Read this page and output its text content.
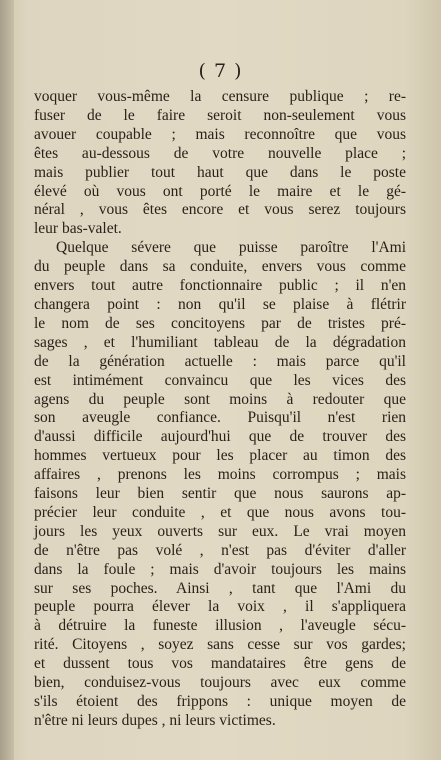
( 7 )
voquer vous-même la censure publique ; re-
fuser de le faire seroit non-seulement vous
avouer coupable ; mais reconnoître que vous
êtes au-dessous de votre nouvelle place ;
mais publier tout haut que dans le poste
élevé où vous ont porté le maire et le gé-
néral , vous êtes encore et vous serez toujours
leur bas-valet.
Quelque sévere que puisse paroître l'Ami
du peuple dans sa conduite, envers vous comme
envers tout autre fonctionnaire public ; il n'en
changera point : non qu'il se plaise à flétrir
le nom de ses concitoyens par de tristes pré-
sages , et l'humiliant tableau de la dégradation
de la génération actuelle : mais parce qu'il
est intimément convaincu que les vices des
agens du peuple sont moins à redouter que
son aveugle confiance. Puisqu'il n'est rien
d'aussi difficile aujourd'hui que de trouver des
hommes vertueux pour les placer au timon des
affaires , prenons les moins corrompus ; mais
faisons leur bien sentir que nous saurons ap-
précier leur conduite , et que nous avons tou-
jours les yeux ouverts sur eux. Le vrai moyen
de n'être pas volé , n'est pas d'éviter d'aller
dans la foule ; mais d'avoir toujours les mains
sur ses poches. Ainsi , tant que l'Ami du
peuple pourra élever la voix , il s'appliquera
à détruire la funeste illusion , l'aveugle sécu-
rité. Citoyens , soyez sans cesse sur vos gardes;
et dussent tous vos mandataires être gens de
bien, conduisez-vous toujours avec eux comme
s'ils étoient des frippons : unique moyen de
n'être ni leurs dupes , ni leurs victimes.
